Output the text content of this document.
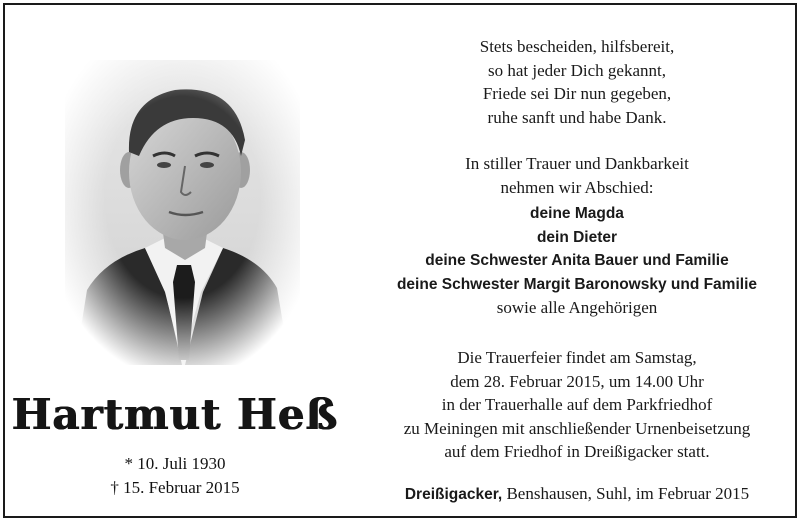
Hartmut Heß
* 10. Juli 1930
† 15. Februar 2015
Stets bescheiden, hilfsbereit,
so hat jeder Dich gekannt,
Friede sei Dir nun gegeben,
ruhe sanft und habe Dank.
In stiller Trauer und Dankbarkeit
nehmen wir Abschied:
deine Magda
dein Dieter
deine Schwester Anita Bauer und Familie
deine Schwester Margit Baronowsky und Familie
sowie alle Angehörigen
Die Trauerfeier findet am Samstag,
dem 28. Februar 2015, um 14.00 Uhr
in der Trauerhalle auf dem Parkfriedhof
zu Meiningen mit anschließender Urnenbeisetzung
auf dem Friedhof in Dreißigacker statt.
Dreißigacker, Benshausen, Suhl, im Februar 2015
